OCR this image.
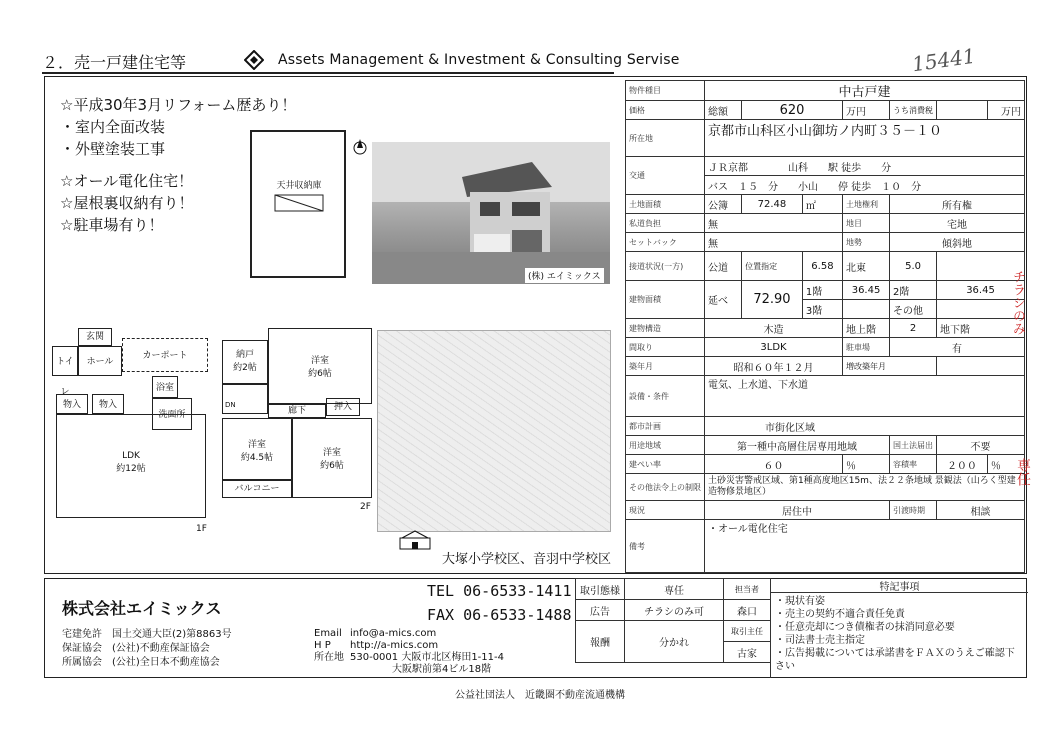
２．売一戸建住宅等	Assets Management & Investment & Consulting Servise	15441
☆平成30年3月リフォーム歴あり！
・室内全面改装
・外壁塗装工事
☆オール電化住宅！
☆屋根裏収納有り！
☆駐車場有り！
天井収納庫
(株) エイミックス
玄関
トイレ
ホール
カーポート
浴室
物入	物入
洗面所
LDK
約12帖
1F
納戸
約2帖
洋室
約6帖
DN
廊下	押入
洋室
約4.5帖	洋室
約6帖
バルコニー
2F
大塚小学校区、音羽中学校区
物件種目	中古戸建						
価格	総額	620		万円	うち消費税		万円
所在地	京都市山科区小山御坊ノ内町３５－１０						
交通	ＪＲ京都　　　　山科　　駅 徒歩　　分						
	バス　１５　分　　小山　　停 徒歩　１０　分						
土地面積	公簿	72.48	㎡	土地権利	所有権		
私道負担	無			地目	宅地		
セットバック	無			地勢	傾斜地		
接道状況(一方)	公道	位置指定	6.58	北東	5.0		
建物面積	延べ	72.90	1階	36.45	2階	36.45	
			3階		その他		
建物構造	木造			地上階	2	地下階	
間取り	3LDK			駐車場	有		
築年月	昭和６０年１２月			増改築年月			
設備・条件	電気、上水道、下水道						
都市計画	市街化区域						
用途地域	第一種中高層住居専用地域				国土法届出	不要	
建ぺい率	６０			％	容積率	２００	％
その他法令上の制限	土砂災害警戒区域、第1種高度地区15m、法２２条地域 景観法（山ろく型建造物修景地区）						
現況	居住中				引渡時期	相談	
備考	・オール電化住宅						
チラシのみ
専任
株式会社エイミックス
宅建免許　国土交通大臣(2)第8863号
保証協会　(公社)不動産保証協会
所属協会　(公社)全日本不動産協会
TEL 06-6533-1411
FAX 06-6533-1488
Email info@a-mics.com
H P http://a-mics.com
所在地 530-0001 大阪市北区梅田1-11-4
大阪駅前第4ビル18階
取引態様	専任	担当者
広告	チラシのみ可	森口
報酬	分かれ	取引主任
		古家
特記事項
・現状有姿
・売主の契約不適合責任免責
・任意売却につき債権者の抹消同意必要
・司法書士売主指定
・広告掲載については承諾書をＦＡＸのうえご確認下さい
公益社団法人　近畿圏不動産流通機構
